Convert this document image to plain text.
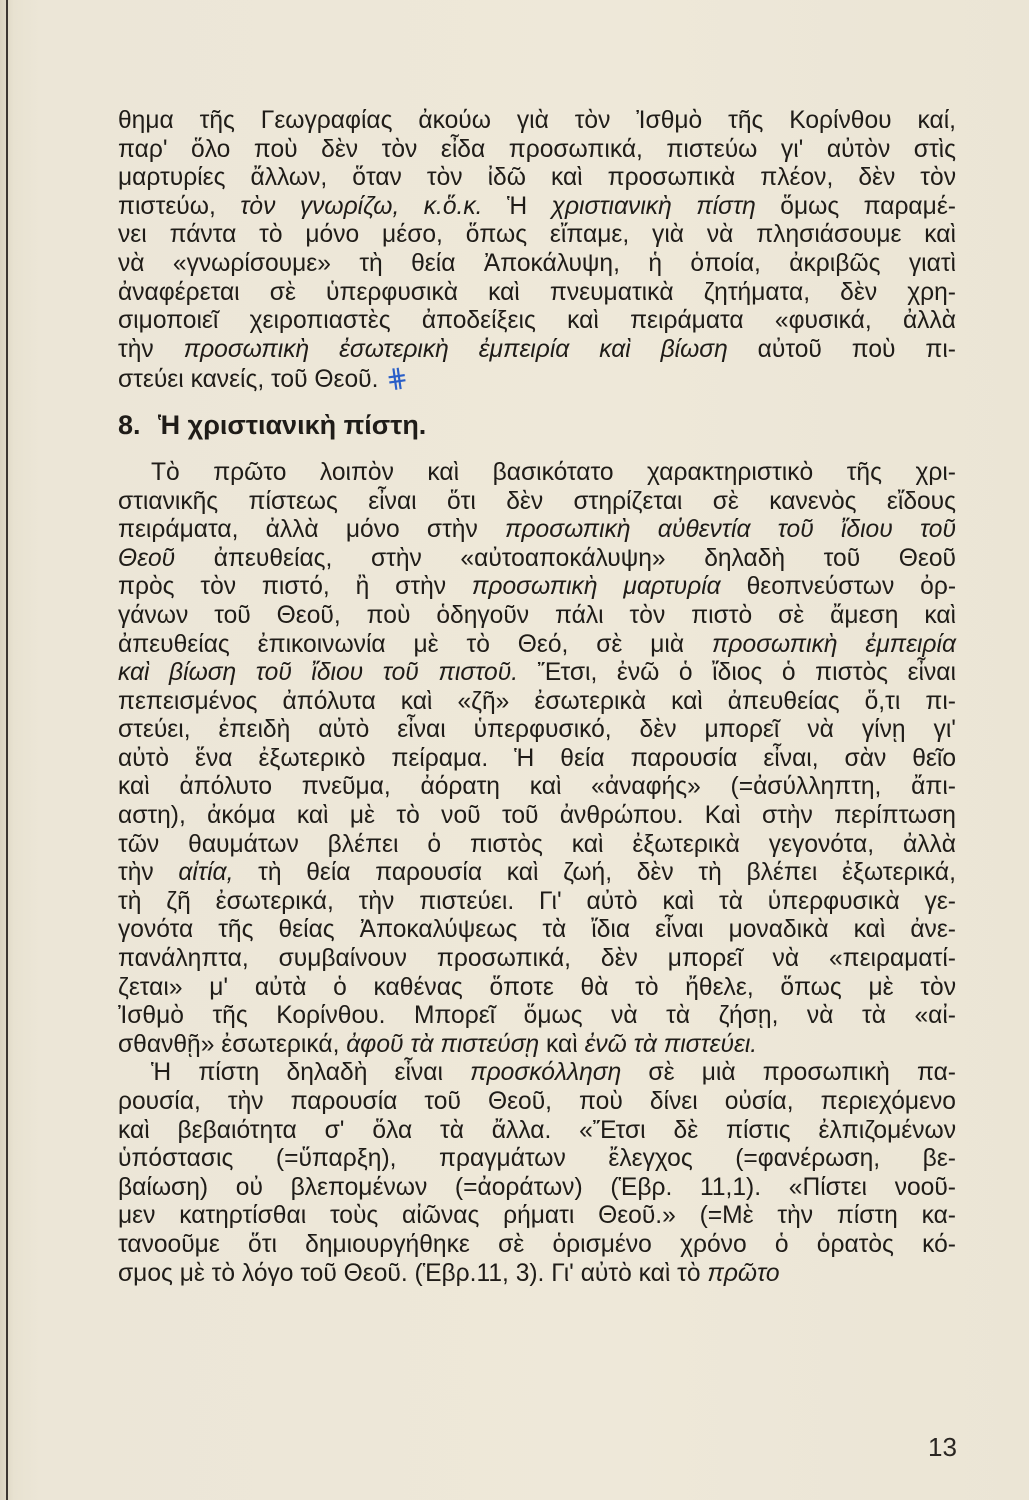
θημα τῆς Γεωγραφίας ἀκούω γιὰ τὸν Ἰσθμὸ τῆς Κορίνθου καί,
παρ' ὅλο ποὺ δὲν τὸν εἶδα προσωπικά, πιστεύω γι' αὐτὸν στὶς
μαρτυρίες ἄλλων, ὅταν τὸν ἰδῶ καὶ προσωπικὰ πλέον, δὲν τὸν
πιστεύω, τὸν γνωρίζω, κ.ὅ.κ. Ἡ χριστιανικὴ πίστη ὅμως παραμέ-
νει πάντα τὸ μόνο μέσο, ὅπως εἴπαμε, γιὰ νὰ πλησιάσουμε καὶ
νὰ «γνωρίσουμε» τὴ θεία Ἀποκάλυψη, ἡ ὁποία, ἀκριβῶς γιατὶ
ἀναφέρεται σὲ ὑπερφυσικὰ καὶ πνευματικὰ ζητήματα, δὲν χρη-
σιμοποιεῖ χειροπιαστὲς ἀποδείξεις καὶ πειράματα «φυσικά, ἀλλὰ
τὴν προσωπικὴ ἐσωτερικὴ ἐμπειρία καὶ βίωση αὐτοῦ ποὺ πι-
στεύει κανείς, τοῦ Θεοῦ. ⋕
8. Ἡ χριστιανικὴ πίστη.
Τὸ πρῶτο λοιπὸν καὶ βασικότατο χαρακτηριστικὸ τῆς χρι-
στιανικῆς πίστεως εἶναι ὅτι δὲν στηρίζεται σὲ κανενὸς εἴδους
πειράματα, ἀλλὰ μόνο στὴν προσωπικὴ αὐθεντία τοῦ ἴδιου τοῦ
Θεοῦ ἀπευθείας, στὴν «αὐτοαποκάλυψη» δηλαδὴ τοῦ Θεοῦ
πρὸς τὸν πιστό, ἢ στὴν προσωπικὴ μαρτυρία θεοπνεύστων ὀρ-
γάνων τοῦ Θεοῦ, ποὺ ὁδηγοῦν πάλι τὸν πιστὸ σὲ ἄμεση καὶ
ἀπευθείας ἐπικοινωνία μὲ τὸ Θεό, σὲ μιὰ προσωπικὴ ἐμπειρία
καὶ βίωση τοῦ ἴδιου τοῦ πιστοῦ. Ἔτσι, ἐνῶ ὁ ἴδιος ὁ πιστὸς εἶναι
πεπεισμένος ἀπόλυτα καὶ «ζῆ» ἐσωτερικὰ καὶ ἀπευθείας ὅ,τι πι-
στεύει, ἐπειδὴ αὐτὸ εἶναι ὑπερφυσικό, δὲν μπορεῖ νὰ γίνῃ γι'
αὐτὸ ἕνα ἐξωτερικὸ πείραμα. Ἡ θεία παρουσία εἶναι, σὰν θεῖο
καὶ ἀπόλυτο πνεῦμα, ἀόρατη καὶ «ἀναφής» (=ἀσύλληπτη, ἄπι-
αστη), ἀκόμα καὶ μὲ τὸ νοῦ τοῦ ἀνθρώπου. Καὶ στὴν περίπτωση
τῶν θαυμάτων βλέπει ὁ πιστὸς καὶ ἐξωτερικὰ γεγονότα, ἀλλὰ
τὴν αἰτία, τὴ θεία παρουσία καὶ ζωή, δὲν τὴ βλέπει ἐξωτερικά,
τὴ ζῆ ἐσωτερικά, τὴν πιστεύει. Γι' αὐτὸ καὶ τὰ ὑπερφυσικὰ γε-
γονότα τῆς θείας Ἀποκαλύψεως τὰ ἴδια εἶναι μοναδικὰ καὶ ἀνε-
πανάληπτα, συμβαίνουν προσωπικά, δὲν μπορεῖ νὰ «πειραματί-
ζεται» μ' αὐτὰ ὁ καθένας ὅποτε θὰ τὸ ἤθελε, ὅπως μὲ τὸν
Ἰσθμὸ τῆς Κορίνθου. Μπορεῖ ὅμως νὰ τὰ ζήσῃ, νὰ τὰ «αἰ-
σθανθῇ» ἐσωτερικά, ἀφοῦ τὰ πιστεύσῃ καὶ ἐνῶ τὰ πιστεύει.
Ἡ πίστη δηλαδὴ εἶναι προσκόλληση σὲ μιὰ προσωπικὴ πα-
ρουσία, τὴν παρουσία τοῦ Θεοῦ, ποὺ δίνει οὐσία, περιεχόμενο
καὶ βεβαιότητα σ' ὅλα τὰ ἄλλα. «Ἔτσι δὲ πίστις ἐλπιζομένων
ὑπόστασις (=ὕπαρξη), πραγμάτων ἔλεγχος (=φανέρωση, βε-
βαίωση) οὐ βλεπομένων (=ἀοράτων) (Ἑβρ. 11,1). «Πίστει νοοῦ-
μεν κατηρτίσθαι τοὺς αἰῶνας ρήματι Θεοῦ.» (=Μὲ τὴν πίστη κα-
τανοοῦμε ὅτι δημιουργήθηκε σὲ ὁρισμένο χρόνο ὁ ὁρατὸς κό-
σμος μὲ τὸ λόγο τοῦ Θεοῦ. (Ἑβρ.11, 3). Γι' αὐτὸ καὶ τὸ πρῶτο
13
